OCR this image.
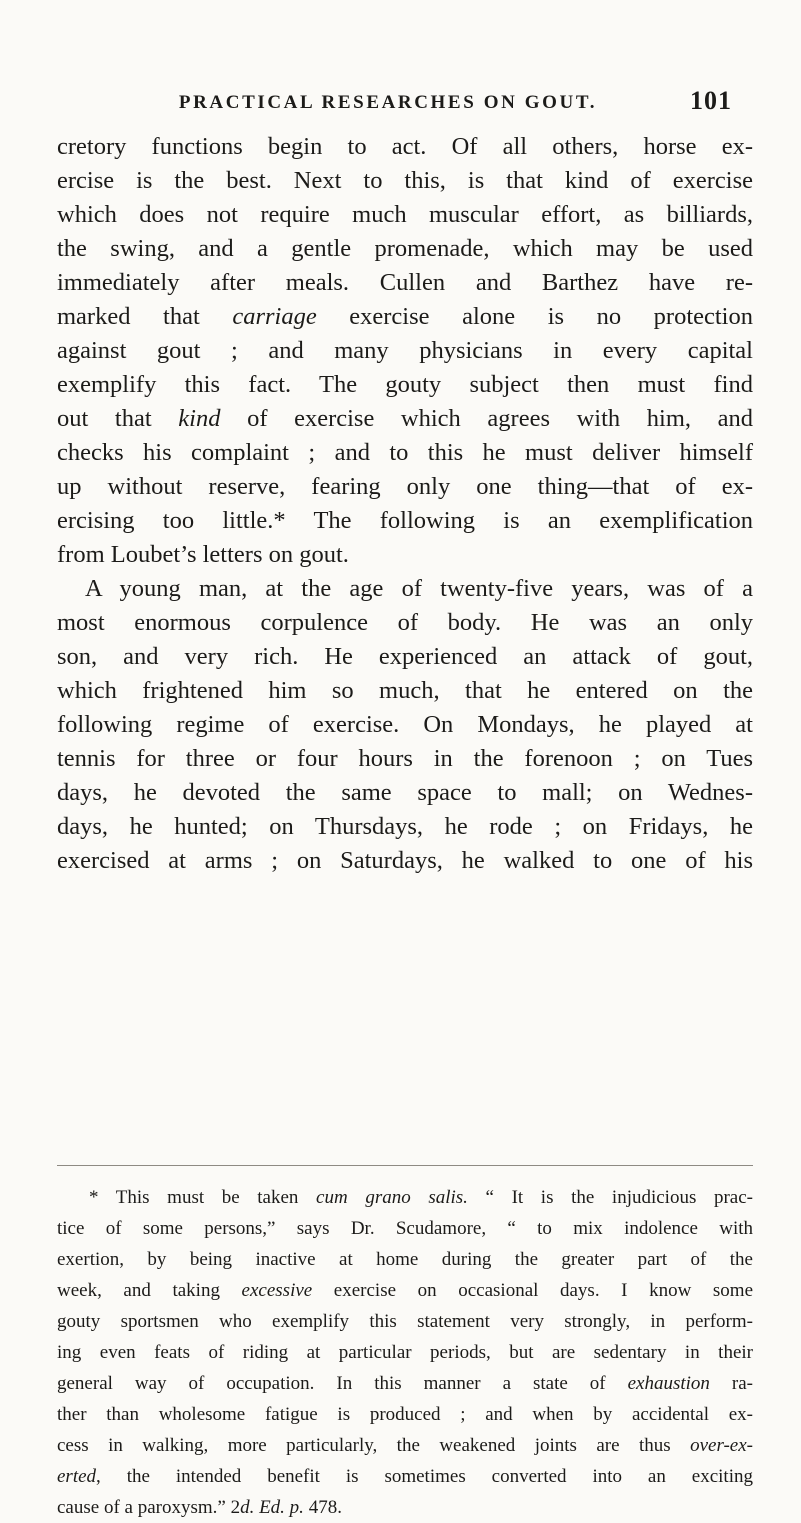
PRACTICAL RESEARCHES ON GOUT.	101
cretory functions begin to act. Of all others, horse ex-
ercise is the best. Next to this, is that kind of exercise
which does not require much muscular effort, as billiards,
the swing, and a gentle promenade, which may be used
immediately after meals. Cullen and Barthez have re-
marked that carriage exercise alone is no protection
against gout ; and many physicians in every capital
exemplify this fact. The gouty subject then must find
out that kind of exercise which agrees with him, and
checks his complaint ; and to this he must deliver himself
up without reserve, fearing only one thing—that of ex-
ercising too little.* The following is an exemplification
from Loubet’s letters on gout.
A young man, at the age of twenty-five years, was of a
most enormous corpulence of body. He was an only
son, and very rich. He experienced an attack of gout,
which frightened him so much, that he entered on the
following regime of exercise. On Mondays, he played at
tennis for three or four hours in the forenoon ; on Tues
days, he devoted the same space to mall; on Wednes-
days, he hunted; on Thursdays, he rode ; on Fridays, he
exercised at arms ; on Saturdays, he walked to one of his
* This must be taken cum grano salis. “ It is the injudicious prac-
tice of some persons,” says Dr. Scudamore, “ to mix indolence with
exertion, by being inactive at home during the greater part of the
week, and taking excessive exercise on occasional days. I know some
gouty sportsmen who exemplify this statement very strongly, in perform-
ing even feats of riding at particular periods, but are sedentary in their
general way of occupation. In this manner a state of exhaustion ra-
ther than wholesome fatigue is produced ; and when by accidental ex-
cess in walking, more particularly, the weakened joints are thus over-ex-
erted, the intended benefit is sometimes converted into an exciting
cause of a paroxysm.” 2d. Ed. p. 478.
